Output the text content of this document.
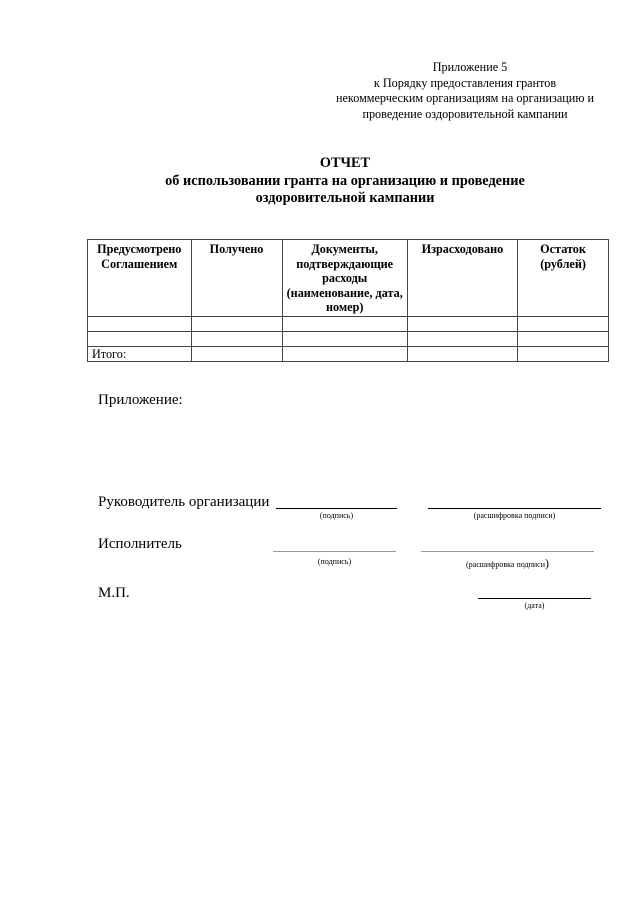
Приложение 5
к Порядку предоставления грантов
некоммерческим организациям на организацию и
проведение оздоровительной кампании
ОТЧЕТ
об использовании гранта на организацию и проведение
оздоровительной кампании
Предусмотрено Соглашением	Получено	Документы, подтверждающие расходы (наименование, дата, номер)	Израсходовано	Остаток (рублей)

Итого:				
Приложение:
Руководитель организации
(подпись)	(расшифровка подписи)
Исполнитель
(подпись)	(расшифровка подписи)
М.П.
(дата)
